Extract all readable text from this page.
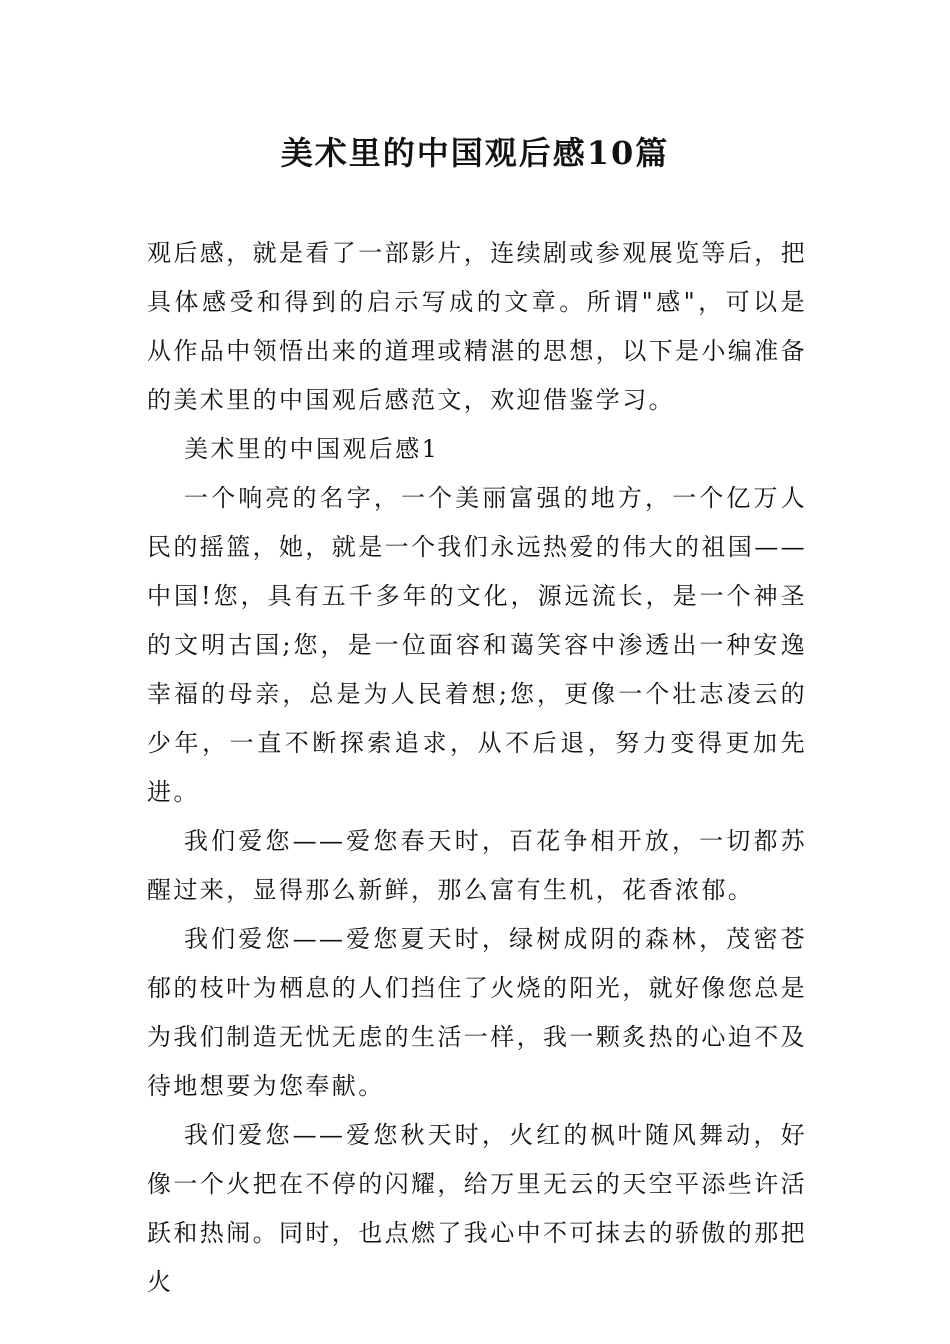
美术里的中国观后感10篇

观后感，就是看了一部影片，连续剧或参观展览等后，把具体感受和得到的启示写成的文章。所谓"感"，可以是从作品中领悟出来的道理或精湛的思想，以下是小编准备的美术里的中国观后感范文，欢迎借鉴学习。

美术里的中国观后感1

一个响亮的名字，一个美丽富强的地方，一个亿万人民的摇篮，她，就是一个我们永远热爱的伟大的祖国——中国!您，具有五千多年的文化，源远流长，是一个神圣的文明古国;您，是一位面容和蔼笑容中渗透出一种安逸幸福的母亲，总是为人民着想;您，更像一个壮志凌云的少年，一直不断探索追求，从不后退，努力变得更加先进。

我们爱您——爱您春天时，百花争相开放，一切都苏醒过来，显得那么新鲜，那么富有生机，花香浓郁。

我们爱您——爱您夏天时，绿树成阴的森林，茂密苍郁的枝叶为栖息的人们挡住了火烧的阳光，就好像您总是为我们制造无忧无虑的生活一样，我一颗炙热的心迫不及待地想要为您奉献。

我们爱您——爱您秋天时，火红的枫叶随风舞动，好像一个火把在不停的闪耀，给万里无云的天空平添些许活跃和热闹。同时，也点燃了我心中不可抹去的骄傲的那把火
